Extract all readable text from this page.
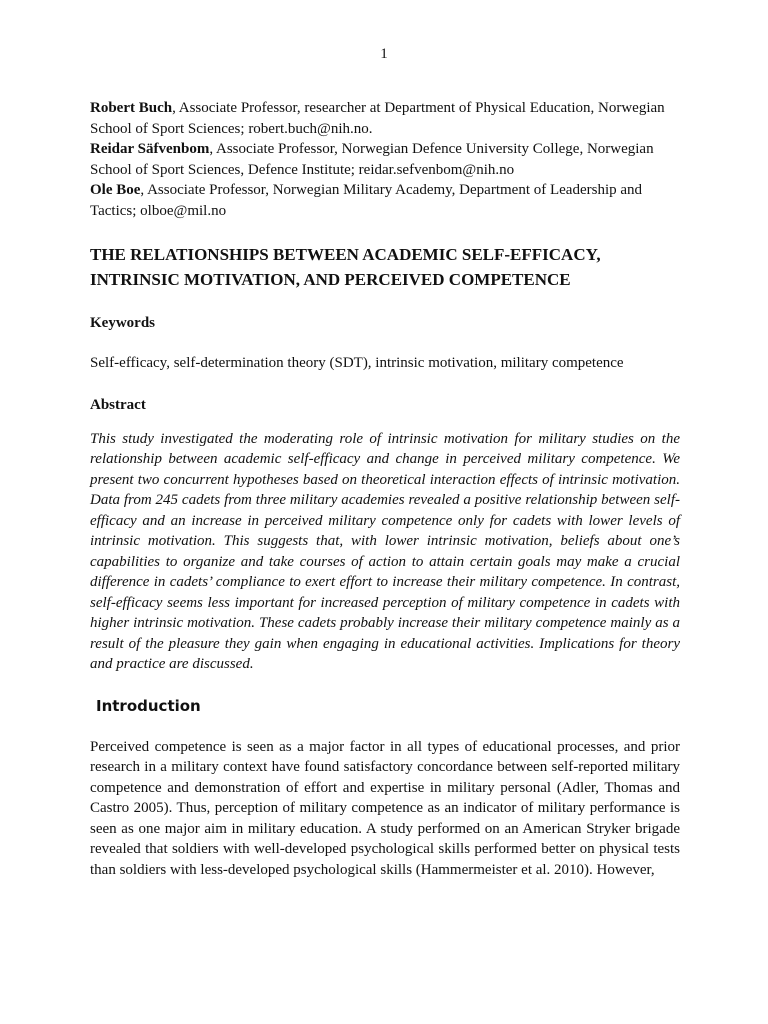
1

Robert Buch, Associate Professor, researcher at Department of Physical Education, Norwegian School of Sport Sciences; robert.buch@nih.no.

Reidar Säfvenbom, Associate Professor, Norwegian Defence University College, Norwegian School of Sport Sciences, Defence Institute; reidar.sefvenbom@nih.no

Ole Boe, Associate Professor, Norwegian Military Academy, Department of Leadership and Tactics; olboe@mil.no

THE RELATIONSHIPS BETWEEN ACADEMIC SELF-EFFICACY, INTRINSIC MOTIVATION, AND PERCEIVED COMPETENCE
Keywords

Self-efficacy, self-determination theory (SDT), intrinsic motivation, military competence

Abstract

This study investigated the moderating role of intrinsic motivation for military studies on the relationship between academic self-efficacy and change in perceived military competence. We present two concurrent hypotheses based on theoretical interaction effects of intrinsic motivation. Data from 245 cadets from three military academies revealed a positive relationship between self-efficacy and an increase in perceived military competence only for cadets with lower levels of intrinsic motivation. This suggests that, with lower intrinsic motivation, beliefs about one’s capabilities to organize and take courses of action to attain certain goals may make a crucial difference in cadets’ compliance to exert effort to increase their military competence. In contrast, self-efficacy seems less important for increased perception of military competence in cadets with higher intrinsic motivation. These cadets probably increase their military competence mainly as a result of the pleasure they gain when engaging in educational activities. Implications for theory and practice are discussed.

Introduction

Perceived competence is seen as a major factor in all types of educational processes, and prior research in a military context have found satisfactory concordance between self-reported military competence and demonstration of effort and expertise in military personal (Adler, Thomas and Castro 2005). Thus, perception of military competence as an indicator of military performance is seen as one major aim in military education. A study performed on an American Stryker brigade revealed that soldiers with well-developed psychological skills performed better on physical tests than soldiers with less-developed psychological skills (Hammermeister et al. 2010). However,
